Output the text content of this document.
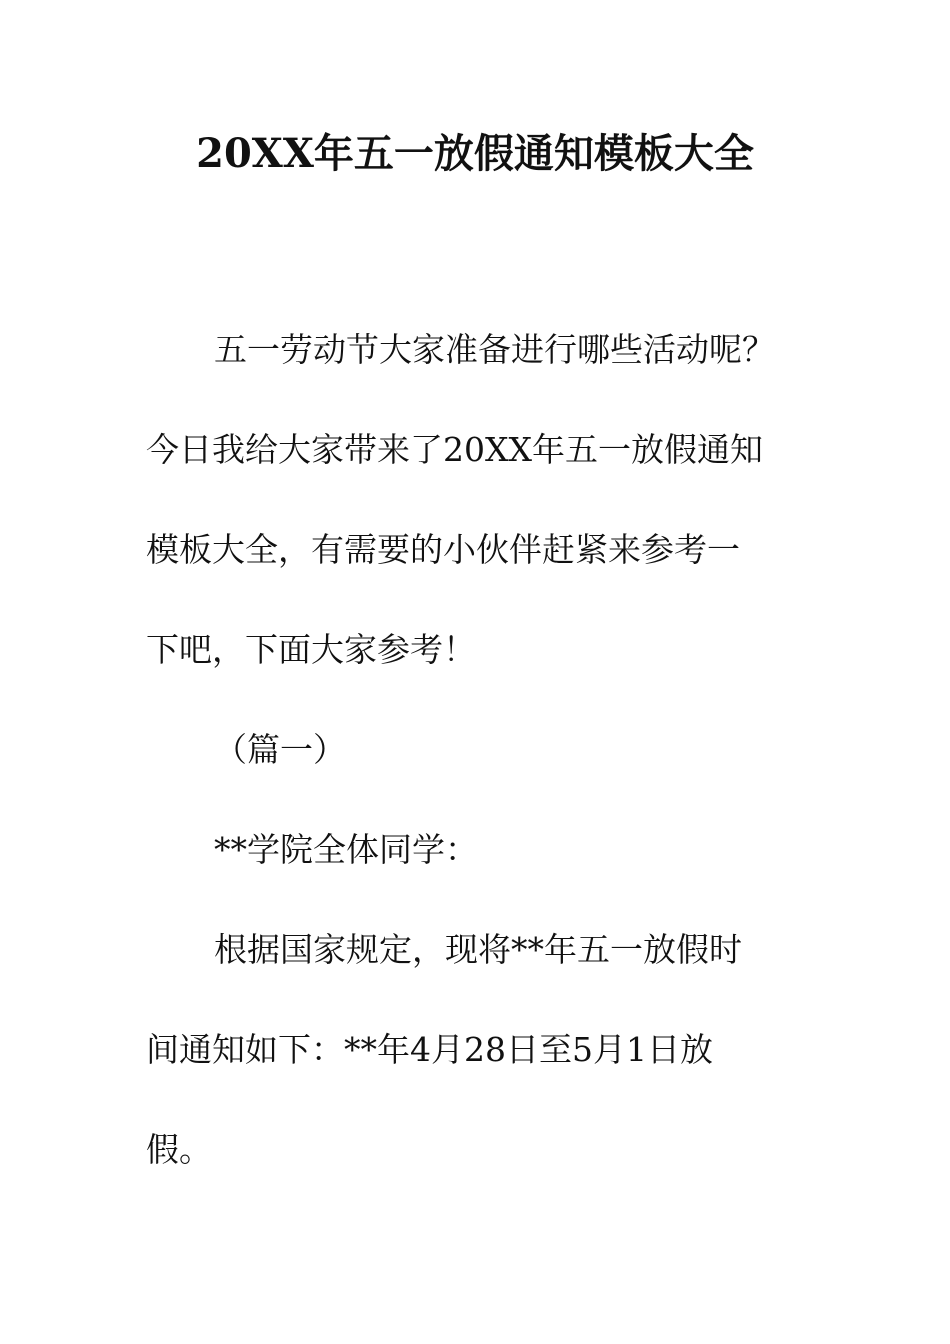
20XX年五一放假通知模板大全
五一劳动节大家准备进行哪些活动呢？
今日我给大家带来了20XX年五一放假通知
模板大全，有需要的小伙伴赶紧来参考一
下吧，下面大家参考！
（篇一）
**学院全体同学：
根据国家规定，现将**年五一放假时
间通知如下：**年4月28日至5月1日放
假。
